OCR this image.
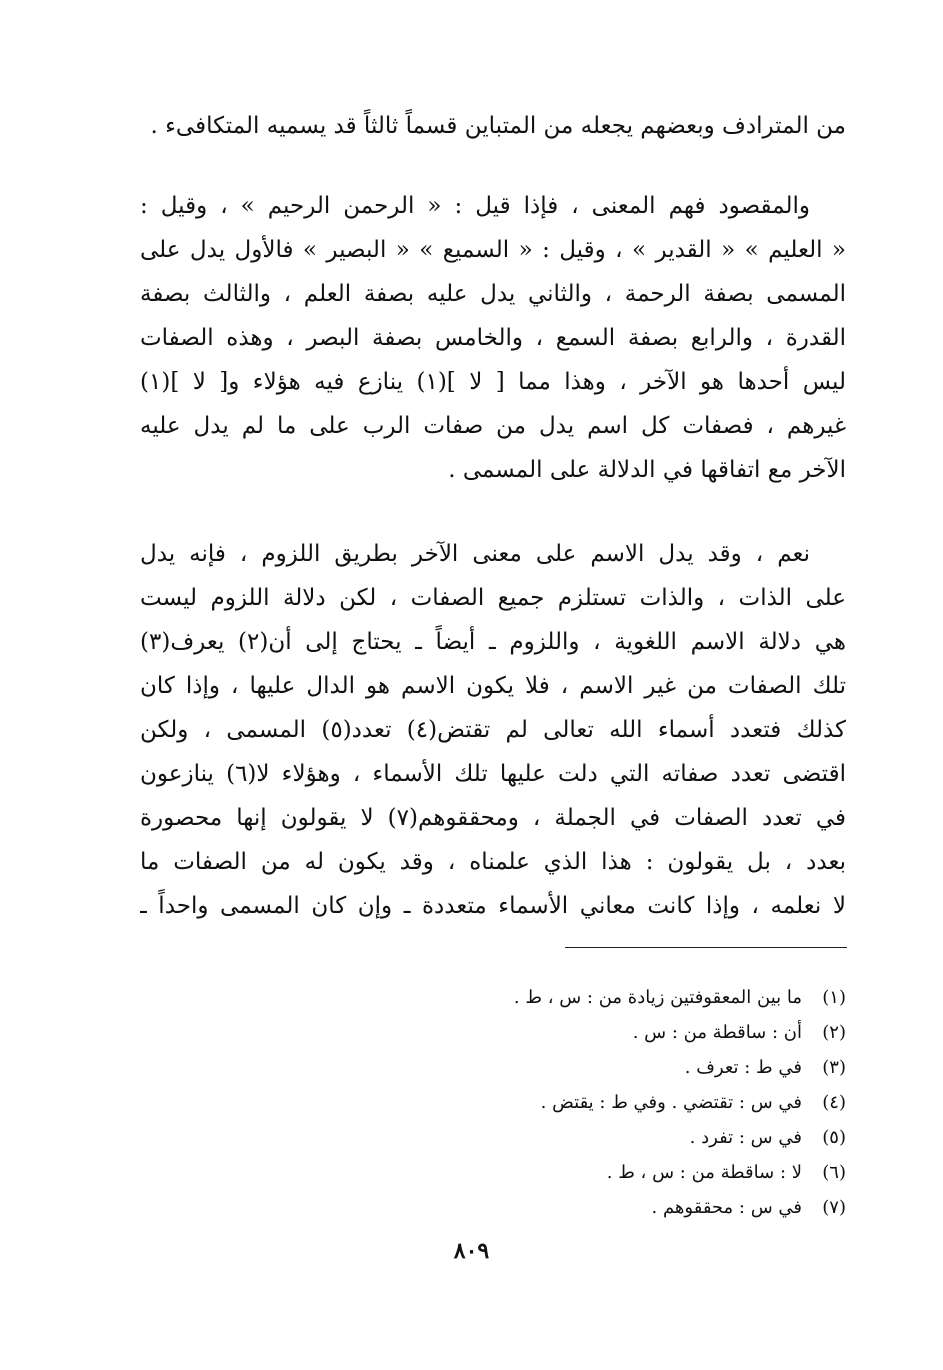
من المترادف وبعضهم يجعله من المتباين قسماً ثالثاً قد يسميه المتكافىء .
والمقصود فهم المعنى ، فإذا قيل : « الرحمن الرحيم » ، وقيل :
« العليم » « القدير » ، وقيل : « السميع » « البصير » فالأول يدل على
المسمى بصفة الرحمة ، والثاني يدل عليه بصفة العلم ، والثالث بصفة
القدرة ، والرابع بصفة السمع ، والخامس بصفة البصر ، وهذه الصفات
ليس أحدها هو الآخر ، وهذا مما [ لا ](١) ينازع فيه هؤلاء و[ لا ](١)
غيرهم ، فصفات كل اسم يدل من صفات الرب على ما لم يدل عليه
الآخر مع اتفاقها في الدلالة على المسمى .
نعم ، وقد يدل الاسم على معنى الآخر بطريق اللزوم ، فإنه يدل
على الذات ، والذات تستلزم جميع الصفات ، لكن دلالة اللزوم ليست
هي دلالة الاسم اللغوية ، واللزوم ـ أيضاً ـ يحتاج إلى أن(٢) يعرف(٣)
تلك الصفات من غير الاسم ، فلا يكون الاسم هو الدال عليها ، وإذا كان
كذلك فتعدد أسماء الله تعالى لم تقتض(٤) تعدد(٥) المسمى ، ولكن
اقتضى تعدد صفاته التي دلت عليها تلك الأسماء ، وهؤلاء لا(٦) ينازعون
في تعدد الصفات في الجملة ، ومحققوهم(٧) لا يقولون إنها محصورة
بعدد ، بل يقولون : هذا الذي علمناه ، وقد يكون له من الصفات ما
لا نعلمه ، وإذا كانت معاني الأسماء متعددة ـ وإن كان المسمى واحداً ـ
(١)ما بين المعقوفتين زيادة من : س ، ط .
(٢)أن : ساقطة من : س .
(٣)في ط : تعرف .
(٤)في س : تقتضي . وفي ط : يقتض .
(٥)في س : تفرد .
(٦)لا : ساقطة من : س ، ط .
(٧)في س : محققوهم .
٨٠٩
